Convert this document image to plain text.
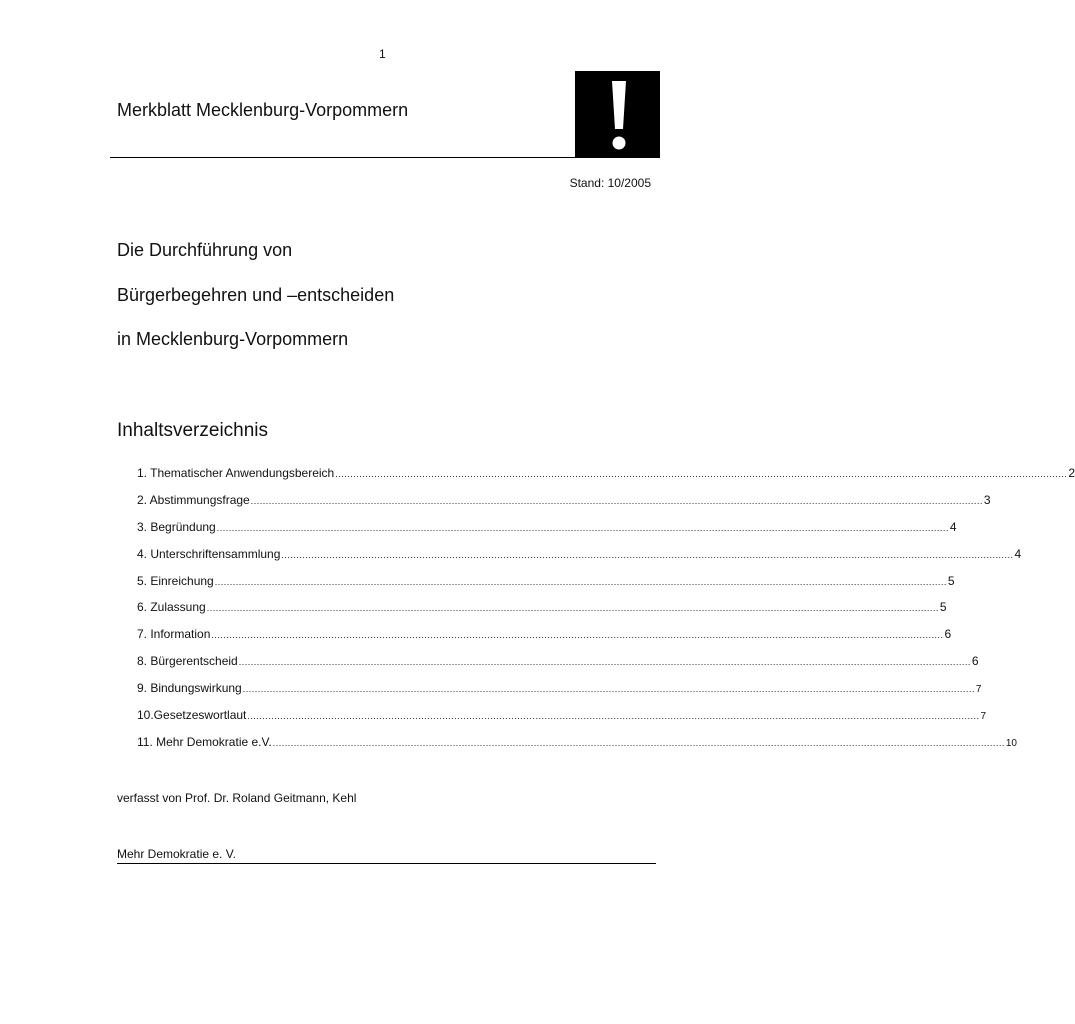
1
Merkblatt Mecklenburg-Vorpommern
Stand: 10/2005
Die Durchführung von
Bürgerbegehren und –entscheiden
in Mecklenburg-Vorpommern
Inhaltsverzeichnis
1. Thematischer Anwendungsbereich .................................................................................................................................................................................................................................................... 2
2. Abstimmungsfrage .................................................................................................................................................................................................................................................... 3
3. Begründung .................................................................................................................................................................................................................................................... 4
4. Unterschriftensammlung .................................................................................................................................................................................................................................................... 4
5. Einreichung .................................................................................................................................................................................................................................................... 5
6. Zulassung .................................................................................................................................................................................................................................................... 5
7. Information .................................................................................................................................................................................................................................................... 6
8. Bürgerentscheid .................................................................................................................................................................................................................................................... 6
9. Bindungswirkung .................................................................................................................................................................................................................................................... 7
10.Gesetzeswortlaut .................................................................................................................................................................................................................................................... 7
11. Mehr Demokratie e.V. .................................................................................................................................................................................................................................................... 10
verfasst von Prof. Dr. Roland Geitmann, Kehl
Mehr Demokratie e. V.
